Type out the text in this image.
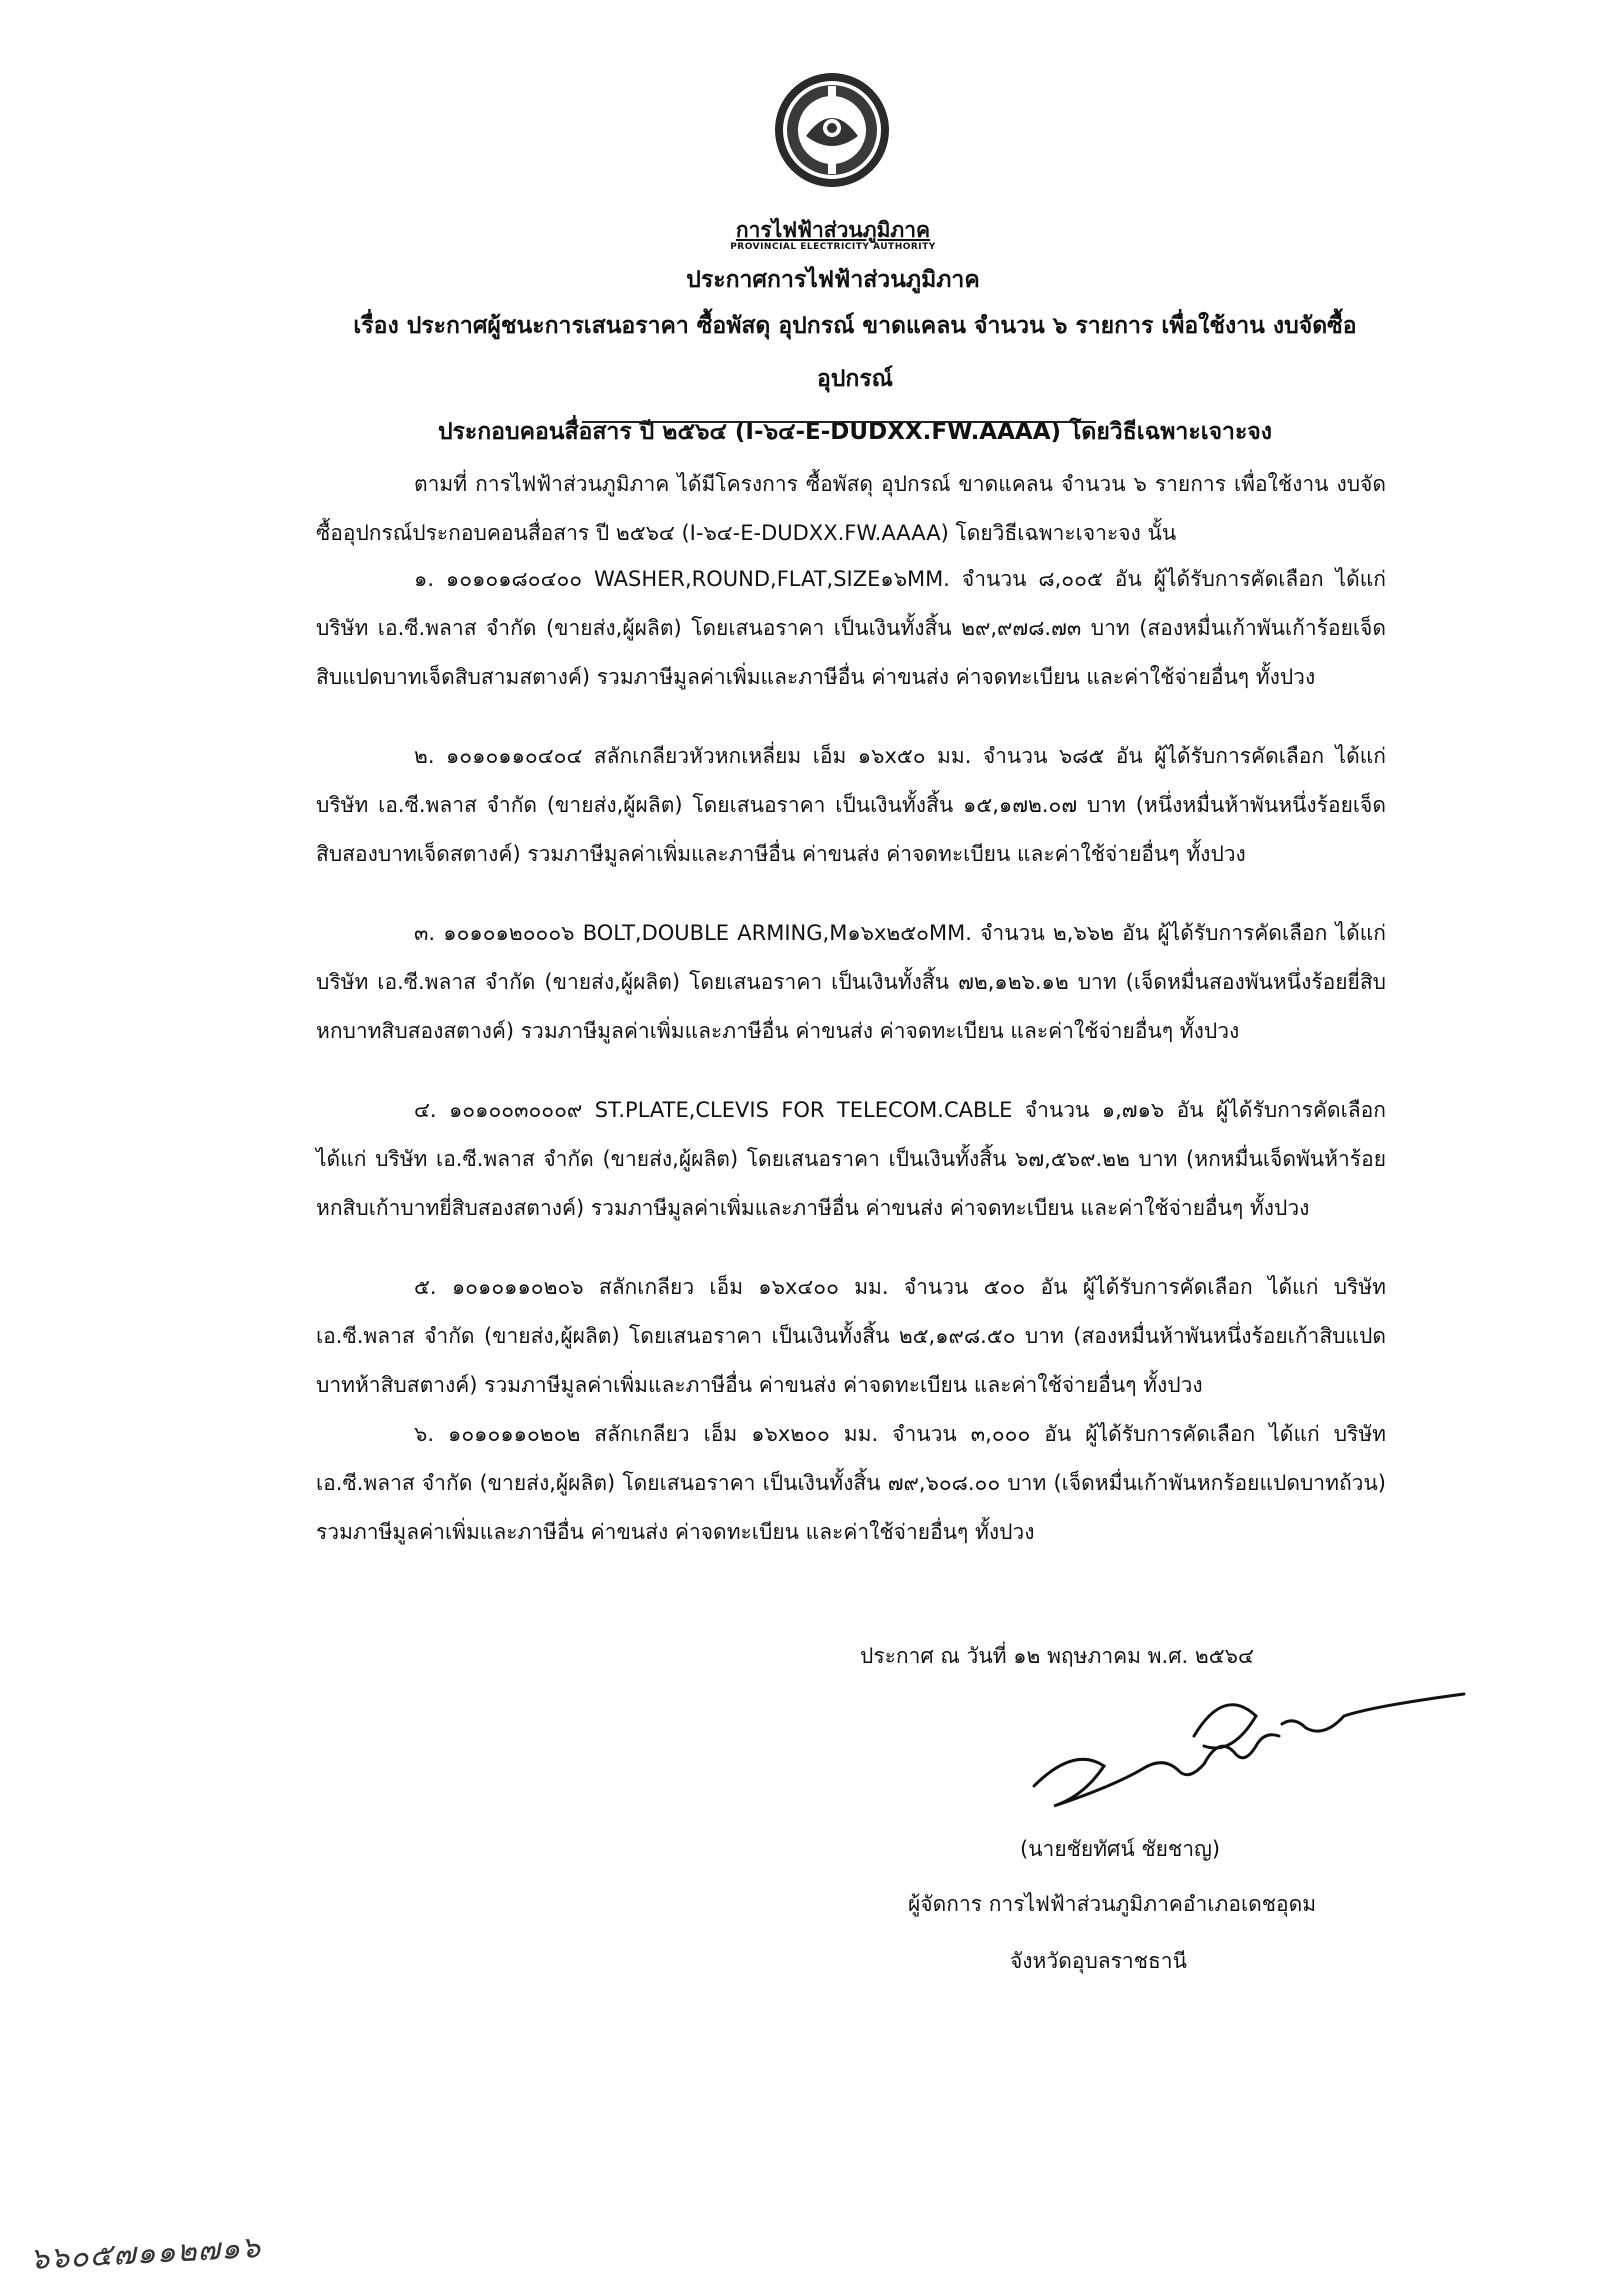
การไฟฟ้าส่วนภูมิภาค
PROVINCIAL ELECTRICITY AUTHORITY
ประกาศการไฟฟ้าส่วนภูมิภาค
เรื่อง ประกาศผู้ชนะการเสนอราคา ซื้อพัสดุ อุปกรณ์ ขาดแคลน จำนวน ๖ รายการ เพื่อใช้งาน งบจัดซื้ออุปกรณ์
ประกอบคอนสื่อสาร ปี ๒๕๖๔ (I-๖๔-E-DUDXX.FW.AAAA) โดยวิธีเฉพาะเจาะจง

ตามที่ การไฟฟ้าส่วนภูมิภาค ได้มีโครงการ ซื้อพัสดุ อุปกรณ์ ขาดแคลน จำนวน ๖ รายการ เพื่อใช้งาน งบจัดซื้ออุปกรณ์ประกอบคอนสื่อสาร ปี ๒๕๖๔ (I-๖๔-E-DUDXX.FW.AAAA) โดยวิธีเฉพาะเจาะจง นั้น

๑. ๑๐๑๐๑๘๐๔๐๐ WASHER,ROUND,FLAT,SIZE๑๖MM. จำนวน ๘,๐๐๕ อัน ผู้ได้รับการคัดเลือก ได้แก่ บริษัท เอ.ซี.พลาส จำกัด (ขายส่ง,ผู้ผลิต) โดยเสนอราคา เป็นเงินทั้งสิ้น ๒๙,๙๗๘.๗๓ บาท (สองหมื่นเก้าพันเก้าร้อยเจ็ดสิบแปดบาทเจ็ดสิบสามสตางค์) รวมภาษีมูลค่าเพิ่มและภาษีอื่น ค่าขนส่ง ค่าจดทะเบียน และค่าใช้จ่ายอื่นๆ ทั้งปวง

๒. ๑๐๑๐๑๑๐๔๐๔ สลักเกลียวหัวหกเหลี่ยม เอ็ม ๑๖x๕๐ มม. จำนวน ๖๘๕ อัน ผู้ได้รับการคัดเลือก ได้แก่ บริษัท เอ.ซี.พลาส จำกัด (ขายส่ง,ผู้ผลิต) โดยเสนอราคา เป็นเงินทั้งสิ้น ๑๕,๑๗๒.๐๗ บาท (หนึ่งหมื่นห้าพันหนึ่งร้อยเจ็ดสิบสองบาทเจ็ดสตางค์) รวมภาษีมูลค่าเพิ่มและภาษีอื่น ค่าขนส่ง ค่าจดทะเบียน และค่าใช้จ่ายอื่นๆ ทั้งปวง

๓. ๑๐๑๐๑๒๐๐๐๖ BOLT,DOUBLE ARMING,M๑๖x๒๕๐MM. จำนวน ๒,๖๖๒ อัน ผู้ได้รับการคัดเลือก ได้แก่ บริษัท เอ.ซี.พลาส จำกัด (ขายส่ง,ผู้ผลิต) โดยเสนอราคา เป็นเงินทั้งสิ้น ๗๒,๑๒๖.๑๒ บาท (เจ็ดหมื่นสองพันหนึ่งร้อยยี่สิบหกบาทสิบสองสตางค์) รวมภาษีมูลค่าเพิ่มและภาษีอื่น ค่าขนส่ง ค่าจดทะเบียน และค่าใช้จ่ายอื่นๆ ทั้งปวง

๔. ๑๐๑๐๐๓๐๐๐๙ ST.PLATE,CLEVIS FOR TELECOM.CABLE จำนวน ๑,๗๑๖ อัน ผู้ได้รับการคัดเลือก ได้แก่ บริษัท เอ.ซี.พลาส จำกัด (ขายส่ง,ผู้ผลิต) โดยเสนอราคา เป็นเงินทั้งสิ้น ๖๗,๕๖๙.๒๒ บาท (หกหมื่นเจ็ดพันห้าร้อยหกสิบเก้าบาทยี่สิบสองสตางค์) รวมภาษีมูลค่าเพิ่มและภาษีอื่น ค่าขนส่ง ค่าจดทะเบียน และค่าใช้จ่ายอื่นๆ ทั้งปวง

๕. ๑๐๑๐๑๑๐๒๐๖ สลักเกลียว เอ็ม ๑๖x๔๐๐ มม. จำนวน ๕๐๐ อัน ผู้ได้รับการคัดเลือก ได้แก่ บริษัท เอ.ซี.พลาส จำกัด (ขายส่ง,ผู้ผลิต) โดยเสนอราคา เป็นเงินทั้งสิ้น ๒๕,๑๙๘.๕๐ บาท (สองหมื่นห้าพันหนึ่งร้อยเก้าสิบแปดบาทห้าสิบสตางค์) รวมภาษีมูลค่าเพิ่มและภาษีอื่น ค่าขนส่ง ค่าจดทะเบียน และค่าใช้จ่ายอื่นๆ ทั้งปวง

๖. ๑๐๑๐๑๑๐๒๐๒ สลักเกลียว เอ็ม ๑๖x๒๐๐ มม. จำนวน ๓,๐๐๐ อัน ผู้ได้รับการคัดเลือก ได้แก่ บริษัท เอ.ซี.พลาส จำกัด (ขายส่ง,ผู้ผลิต) โดยเสนอราคา เป็นเงินทั้งสิ้น ๗๙,๖๐๘.๐๐ บาท (เจ็ดหมื่นเก้าพันหกร้อยแปดบาทถ้วน) รวมภาษีมูลค่าเพิ่มและภาษีอื่น ค่าขนส่ง ค่าจดทะเบียน และค่าใช้จ่ายอื่นๆ ทั้งปวง

ประกาศ ณ วันที่ ๑๒ พฤษภาคม พ.ศ. ๒๕๖๔
(นายชัยทัศน์ ชัยชาญ)
ผู้จัดการ การไฟฟ้าส่วนภูมิภาคอำเภอเดชอุดม
จังหวัดอุบลราชธานี
๖๖๐๕๗๑๑๒๗๑๖
